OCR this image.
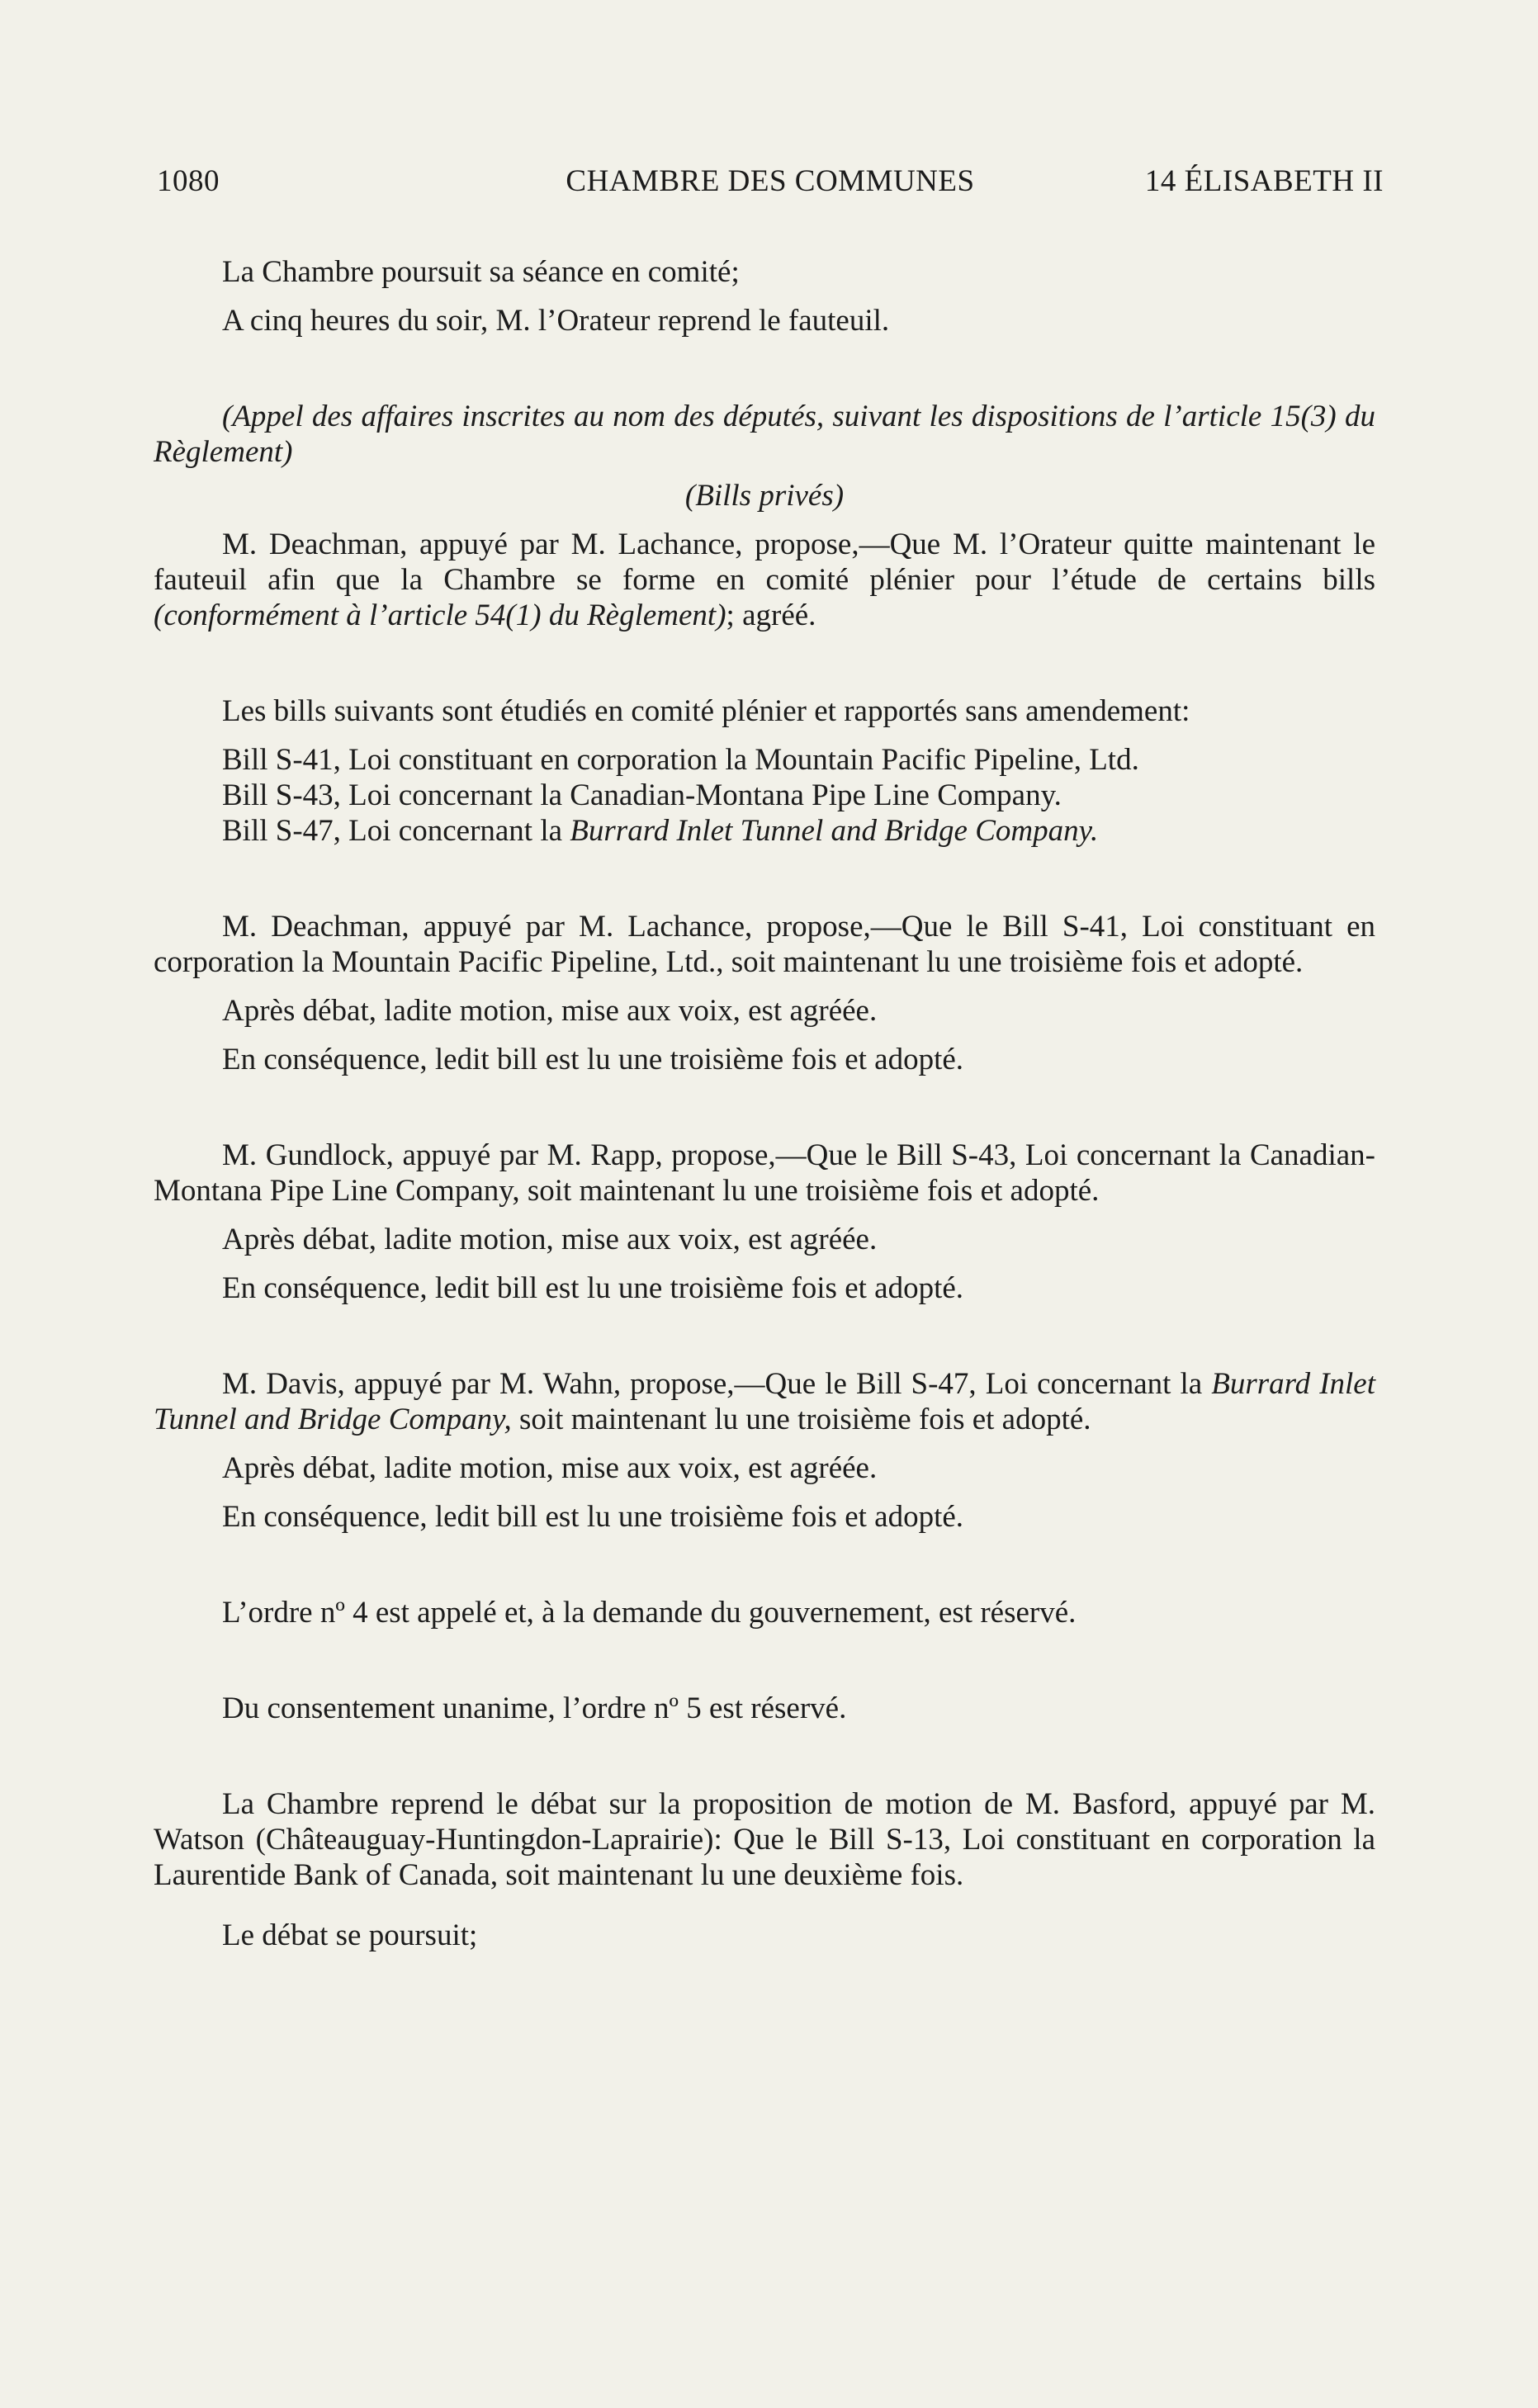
1080	CHAMBRE DES COMMUNES	14 ÉLISABETH II

La Chambre poursuit sa séance en comité;

A cinq heures du soir, M. l’Orateur reprend le fauteuil.

(Appel des affaires inscrites au nom des députés, suivant les dispositions de l’article 15(3) du Règlement)

(Bills privés)

M. Deachman, appuyé par M. Lachance, propose,—Que M. l’Orateur quitte maintenant le fauteuil afin que la Chambre se forme en comité plénier pour l’étude de certains bills (conformément à l’article 54(1) du Règlement); agréé.

Les bills suivants sont étudiés en comité plénier et rapportés sans amendement:

Bill S-41, Loi constituant en corporation la Mountain Pacific Pipeline, Ltd.

Bill S-43, Loi concernant la Canadian-Montana Pipe Line Company.

Bill S-47, Loi concernant la Burrard Inlet Tunnel and Bridge Company.

M. Deachman, appuyé par M. Lachance, propose,—Que le Bill S-41, Loi constituant en corporation la Mountain Pacific Pipeline, Ltd., soit maintenant lu une troisième fois et adopté.

Après débat, ladite motion, mise aux voix, est agréée.

En conséquence, ledit bill est lu une troisième fois et adopté.

M. Gundlock, appuyé par M. Rapp, propose,—Que le Bill S-43, Loi concernant la Canadian-Montana Pipe Line Company, soit maintenant lu une troisième fois et adopté.

Après débat, ladite motion, mise aux voix, est agréée.

En conséquence, ledit bill est lu une troisième fois et adopté.

M. Davis, appuyé par M. Wahn, propose,—Que le Bill S-47, Loi concernant la Burrard Inlet Tunnel and Bridge Company, soit maintenant lu une troisième fois et adopté.

Après débat, ladite motion, mise aux voix, est agréée.

En conséquence, ledit bill est lu une troisième fois et adopté.

L’ordre nº 4 est appelé et, à la demande du gouvernement, est réservé.

Du consentement unanime, l’ordre nº 5 est réservé.

La Chambre reprend le débat sur la proposition de motion de M. Basford, appuyé par M. Watson (Châteauguay-Huntingdon-Laprairie): Que le Bill S-13, Loi constituant en corporation la Laurentide Bank of Canada, soit maintenant lu une deuxième fois.

Le débat se poursuit;
